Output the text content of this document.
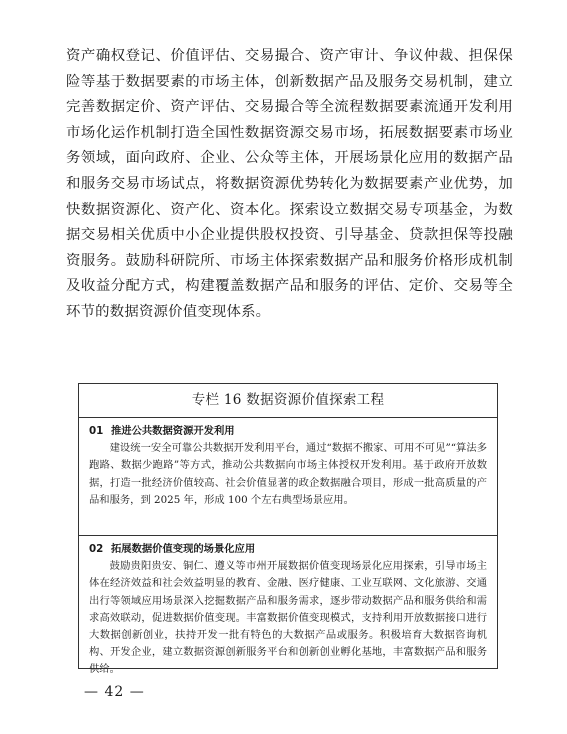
资产确权登记、价值评估、交易撮合、资产审计、争议仲裁、担保保险等基于数据要素的市场主体，创新数据产品及服务交易机制，建立完善数据定价、资产评估、交易撮合等全流程数据要素流通开发利用市场化运作机制打造全国性数据资源交易市场，拓展数据要素市场业务领域，面向政府、企业、公众等主体，开展场景化应用的数据产品和服务交易市场试点，将数据资源优势转化为数据要素产业优势，加快数据资源化、资产化、资本化。探索设立数据交易专项基金，为数据交易相关优质中小企业提供股权投资、引导基金、贷款担保等投融资服务。鼓励科研院所、市场主体探索数据产品和服务价格形成机制及收益分配方式，构建覆盖数据产品和服务的评估、定价、交易等全环节的数据资源价值变现体系。

专栏 16 数据资源价值探索工程
01 推进公共数据资源开发利用
建设统一安全可靠公共数据开发利用平台，通过“数据不搬家、可用不可见”“算法多跑路、数据少跑路”等方式，推动公共数据向市场主体授权开发利用。基于政府开放数据，打造一批经济价值较高、社会价值显著的政企数据融合项目，形成一批高质量的产品和服务，到 2025 年，形成 100 个左右典型场景应用。
02 拓展数据价值变现的场景化应用
鼓励贵阳贵安、铜仁、遵义等市州开展数据价值变现场景化应用探索，引导市场主体在经济效益和社会效益明显的教育、金融、医疗健康、工业互联网、文化旅游、交通出行等领域应用场景深入挖掘数据产品和服务需求，逐步带动数据产品和服务供给和需求高效联动，促进数据价值变现。丰富数据价值变现模式，支持利用开放数据接口进行大数据创新创业，扶持开发一批有特色的大数据产品或服务。积极培育大数据咨询机构、开发企业，建立数据资源创新服务平台和创新创业孵化基地，丰富数据产品和服务供给。
— 42 —
